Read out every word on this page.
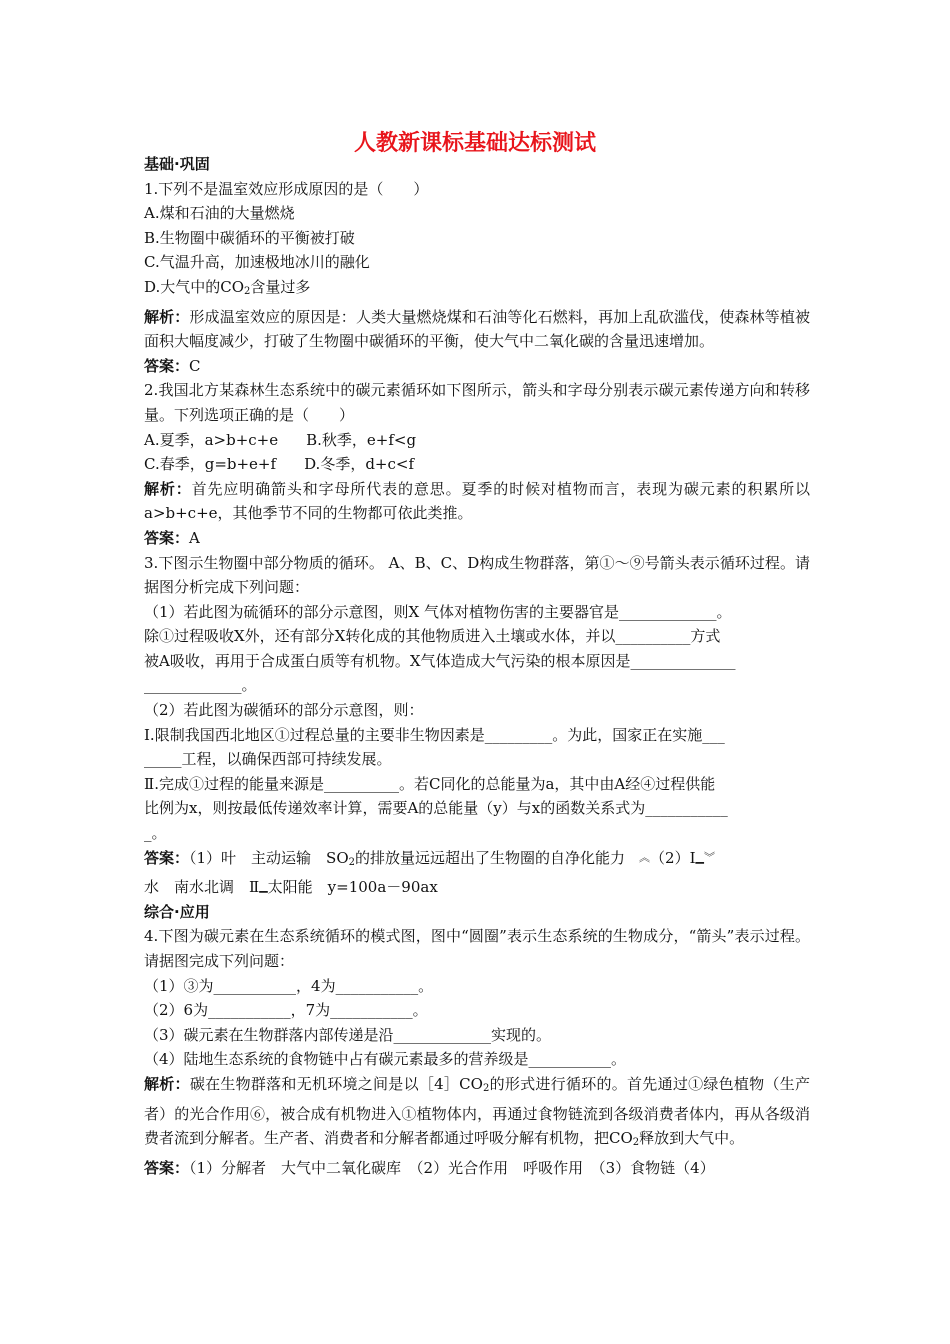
人教新课标基础达标测试

基础·巩固

1.下列不是温室效应形成原因的是（　　）

A.煤和石油的大量燃烧

B.生物圈中碳循环的平衡被打破

C.气温升高，加速极地冰川的融化

D.大气中的$CO_2$含量过多

解析：形成温室效应的原因是：人类大量燃烧煤和石油等化石燃料，再加上乱砍滥伐，使森林等植被面积大幅度减少，打破了生物圈中碳循环的平衡，使大气中二氧化碳的含量迅速增加。

答案：C

2.我国北方某森林生态系统中的碳元素循环如下图所示，箭头和字母分别表示碳元素传递方向和转移量。下列选项正确的是（　　）

A.夏季，a>b+c+e B.秋季，e+f<g

C.春季，g=b+e+f D.冬季，d+c<f

解析：首先应明确箭头和字母所代表的意思。夏季的时候对植物而言，表现为碳元素的积累所以a>b+c+e，其他季节不同的生物都可依此类推。

答案：A

3.下图示生物圈中部分物质的循环。 A、B、C、D构成生物群落，第①～⑨号箭头表示循环过程。请据图分析完成下列问题：

（1）若此图为硫循环的部分示意图，则X 气体对植物伤害的主要器官是_____________。

除①过程吸收X外，还有部分X转化成的其他物质进入土壤或水体，并以__________方式

被A吸收，再用于合成蛋白质等有机物。X气体造成大气污染的根本原因是______________

_____________。

（2）若此图为碳循环的部分示意图，则：

Ⅰ.限制我国西北地区①过程总量的主要非生物因素是_________。为此，国家正在实施___

_____工程，以确保西部可持续发展。

Ⅱ.完成①过程的能量来源是__________。若C同化的总能量为a，其中由A经④过程供能

比例为x，则按最低传递效率计算，需要A的总能量（y）与x的函数关系式为___________

_。

答案：（1）叶　主动运输　$SO_2$的排放量远远超出了生物圈的自净化能力 ︽（2）Ⅰ▁︾

水　南水北调　Ⅱ▁太阳能　y=100a－90ax

综合·应用

4.下图为碳元素在生态系统循环的模式图，图中“圆圈”表示生态系统的生物成分，“箭头”表示过程。请据图完成下列问题：

（1）③为___________，4为___________。

（2）6为___________，7为___________。

（3）碳元素在生物群落内部传递是沿_____________实现的。

（4）陆地生态系统的食物链中占有碳元素最多的营养级是___________。

解析：碳在生物群落和无机环境之间是以$[4]CO_2$的形式进行循环的。首先通过①绿色植物（生产者）的光合作用⑥，被合成有机物进入①植物体内，再通过食物链流到各级消费者体内，再从各级消费者流到分解者。生产者、消费者和分解者都通过呼吸分解有机物，把$CO_2$释放到大气中。

答案：（1）分解者　大气中二氧化碳库　（2）光合作用　呼吸作用　（3）食物链（4）
